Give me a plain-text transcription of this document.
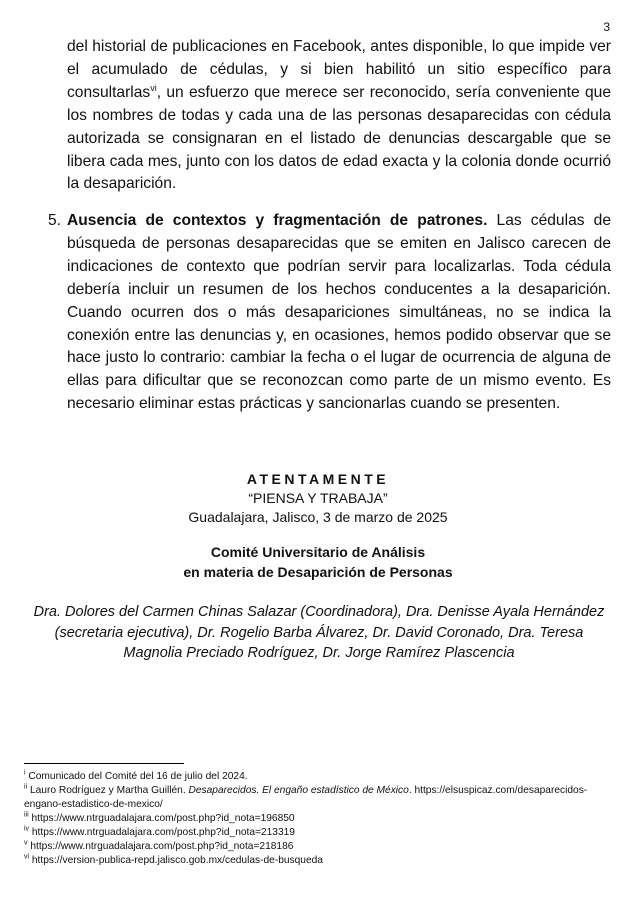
3
del historial de publicaciones en Facebook, antes disponible, lo que impide ver el acumulado de cédulas, y si bien habilitó un sitio específico para consultarlas$^{vi}$, un esfuerzo que merece ser reconocido, sería conveniente que los nombres de todas y cada una de las personas desaparecidas con cédula autorizada se consignaran en el listado de denuncias descargable que se libera cada mes, junto con los datos de edad exacta y la colonia donde ocurrió la desaparición.
5. Ausencia de contextos y fragmentación de patrones. Las cédulas de búsqueda de personas desaparecidas que se emiten en Jalisco carecen de indicaciones de contexto que podrían servir para localizarlas. Toda cédula debería incluir un resumen de los hechos conducentes a la desaparición. Cuando ocurren dos o más desapariciones simultáneas, no se indica la conexión entre las denuncias y, en ocasiones, hemos podido observar que se hace justo lo contrario: cambiar la fecha o el lugar de ocurrencia de alguna de ellas para dificultar que se reconozcan como parte de un mismo evento. Es necesario eliminar estas prácticas y sancionarlas cuando se presenten.
ATENTAMENTE
“PIENSA Y TRABAJA”
Guadalajara, Jalisco, 3 de marzo de 2025
Comité Universitario de Análisis
en materia de Desaparición de Personas
Dra. Dolores del Carmen Chinas Salazar (Coordinadora), Dra. Denisse Ayala Hernández (secretaria ejecutiva), Dr. Rogelio Barba Álvarez, Dr. David Coronado, Dra. Teresa Magnolia Preciado Rodríguez, Dr. Jorge Ramírez Plascencia
$^i$ Comunicado del Comité del 16 de julio del 2024.
$^{ii}$ Lauro Rodríguez y Martha Guillén. Desaparecidos. El engaño estadístico de México. https://elsuspicaz.com/desaparecidos-
engano-estadistico-de-mexico/
$^{iii}$ https://www.ntrguadalajara.com/post.php?id_nota=196850
$^{iv}$ https://www.ntrguadalajara.com/post.php?id_nota=213319
$^v$ https://www.ntrguadalajara.com/post.php?id_nota=218186
$^{vi}$ https://version-publica-repd.jalisco.gob.mx/cedulas-de-busqueda
